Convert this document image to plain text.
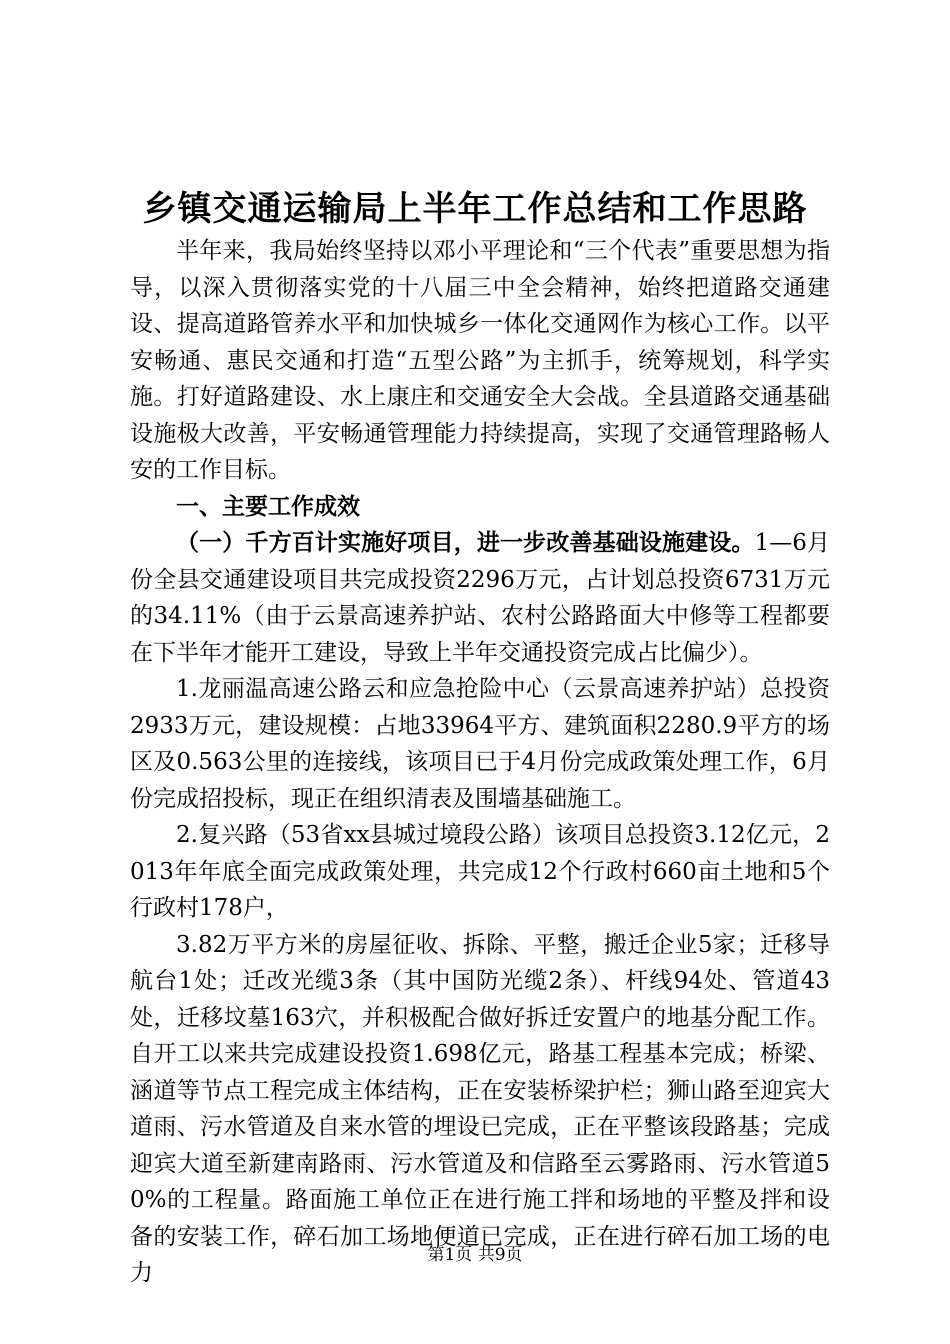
乡镇交通运输局上半年工作总结和工作思路

半年来，我局始终坚持以邓小平理论和“三个代表”重要思想为指导，以深入贯彻落实党的十八届三中全会精神，始终把道路交通建设、提高道路管养水平和加快城乡一体化交通网作为核心工作。以平安畅通、惠民交通和打造“五型公路”为主抓手，统筹规划，科学实施。打好道路建设、水上康庄和交通安全大会战。全县道路交通基础设施极大改善，平安畅通管理能力持续提高，实现了交通管理路畅人安的工作目标。

一、主要工作成效

（一）千方百计实施好项目，进一步改善基础设施建设。1—6月份全县交通建设项目共完成投资2296万元，占计划总投资6731万元的34.11%（由于云景高速养护站、农村公路路面大中修等工程都要在下半年才能开工建设，导致上半年交通投资完成占比偏少）。

1.龙丽温高速公路云和应急抢险中心（云景高速养护站）总投资2933万元，建设规模：占地33964平方、建筑面积2280.9平方的场区及0.563公里的连接线，该项目已于4月份完成政策处理工作，6月份完成招投标，现正在组织清表及围墙基础施工。

2.复兴路（53省xx县城过境段公路）该项目总投资3.12亿元，2013年年底全面完成政策处理，共完成12个行政村660亩土地和5个行政村178户，

3.82万平方米的房屋征收、拆除、平整，搬迁企业5家；迁移导航台1处；迁改光缆3条（其中国防光缆2条）、杆线94处、管道43处，迁移坟墓163穴，并积极配合做好拆迁安置户的地基分配工作。自开工以来共完成建设投资1.698亿元，路基工程基本完成；桥梁、涵道等节点工程完成主体结构，正在安装桥梁护栏；狮山路至迎宾大道雨、污水管道及自来水管的埋设已完成，正在平整该段路基；完成迎宾大道至新建南路雨、污水管道及和信路至云雾路雨、污水管道50%的工程量。路面施工单位正在进行施工拌和场地的平整及拌和设备的安装工作，碎石加工场地便道已完成，正在进行碎石加工场的电力

第1页 共9页
